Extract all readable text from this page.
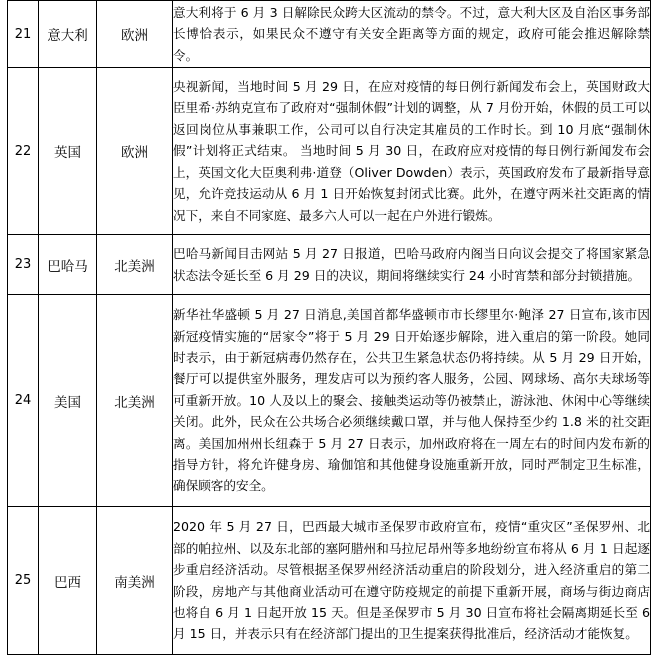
21	意大利	欧洲	意大利将于 6 月 3 日解除民众跨大区流动的禁令。不过，意大利大区及自治区事务部长博恰表示，如果民众不遵守有关安全距离等方面的规定，政府可能会推迟解除禁令。
22	英国	欧洲	央视新闻，当地时间 5 月 29 日，在应对疫情的每日例行新闻发布会上，英国财政大臣里希·苏纳克宣布了政府对“强制休假”计划的调整，从 7 月份开始，休假的员工可以返回岗位从事兼职工作，公司可以自行决定其雇员的工作时长。到 10 月底“强制休假”计划将正式结束。 当地时间 5 月 30 日，在政府应对疫情的每日例行新闻发布会上，英国文化大臣奥利弗·道登（Oliver Dowden）表示，英国政府发布了最新指导意见，允许竞技运动从 6 月 1 日开始恢复封闭式比赛。此外，在遵守两米社交距离的情况下，来自不同家庭、最多六人可以一起在户外进行锻炼。
23	巴哈马	北美洲	巴哈马新闻目击网站 5 月 27 日报道，巴哈马政府内阁当日向议会提交了将国家紧急状态法令延长至 6 月 29 日的决议，期间将继续实行 24 小时宵禁和部分封锁措施。
24	美国	北美洲	新华社华盛顿 5 月 27 日消息,美国首都华盛顿市市长缪里尔·鲍泽 27 日宣布,该市因新冠疫情实施的“居家令”将于 5 月 29 日开始逐步解除，进入重启的第一阶段。她同时表示，由于新冠病毒仍然存在，公共卫生紧急状态仍将持续。从 5 月 29 日开始，餐厅可以提供室外服务，理发店可以为预约客人服务，公园、网球场、高尔夫球场等可重新开放。10 人及以上的聚会、接触类运动等仍被禁止，游泳池、休闲中心等继续关闭。此外，民众在公共场合必须继续戴口罩，并与他人保持至少约 1.8 米的社交距离。美国加州州长纽森于 5 月 27 日表示，加州政府将在一周左右的时间内发布新的指导方针，将允许健身房、瑜伽馆和其他健身设施重新开放，同时严制定卫生标准，确保顾客的安全。
25	巴西	南美洲	2020 年 5 月 27 日，巴西最大城市圣保罗市政府宣布，疫情“重灾区”圣保罗州、北部的帕拉州、以及东北部的塞阿腊州和马拉尼昂州等多地纷纷宣布将从 6 月 1 日起逐步重启经济活动。尽管根据圣保罗州经济活动重启的阶段划分，进入经济重启的第二阶段，房地产与其他商业活动可在遵守防疫规定的前提下重新开展，商场与街边商店也将自 6 月 1 日起开放 15 天。但是圣保罗市 5 月 30 日宣布将社会隔离期延长至 6 月 15 日，并表示只有在经济部门提出的卫生提案获得批准后，经济活动才能恢复。
